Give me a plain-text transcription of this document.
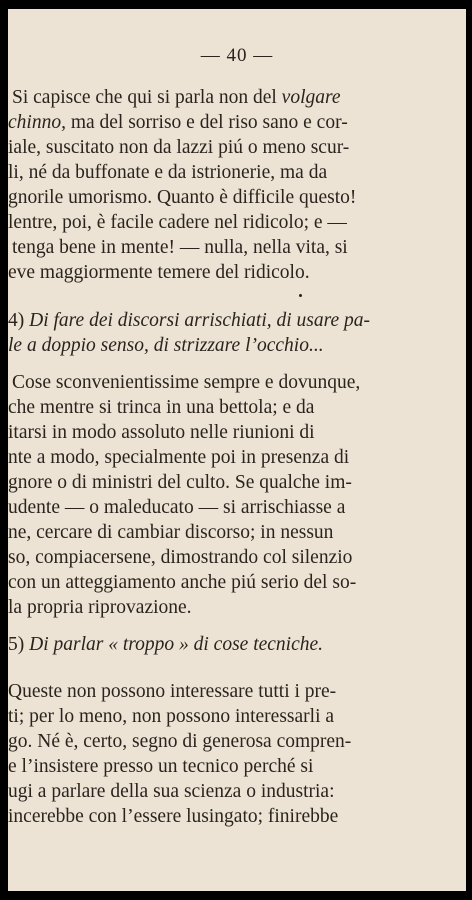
— 40 —
Si capisce che qui si parla non del volgare
chinno, ma del sorriso e del riso sano e cor-
iale, suscitato non da lazzi piú o meno scur-
li, né da buffonate e da istrionerie, ma da
gnorile umorismo. Quanto è difficile questo!
lentre, poi, è facile cadere nel ridicolo; e —
tenga bene in mente! — nulla, nella vita, si
eve maggiormente temere del ridicolo.
4) Di fare dei discorsi arrischiati, di usare pa-
le a doppio senso, di strizzare l’occhio...
Cose sconvenientissime sempre e dovunque,
che mentre si trinca in una bettola; e da
itarsi in modo assoluto nelle riunioni di
nte a modo, specialmente poi in presenza di
gnore o di ministri del culto. Se qualche im-
udente — o maleducato — si arrischiasse a
ne, cercare di cambiar discorso; in nessun
so, compiacersene, dimostrando col silenzio
con un atteggiamento anche piú serio del so-
la propria riprovazione.
5) Di parlar « troppo » di cose tecniche.
Queste non possono interessare tutti i pre-
ti; per lo meno, non possono interessarli a
go. Né è, certo, segno di generosa compren-
e l’insistere presso un tecnico perché si
ugi a parlare della sua scienza o industria:
incerebbe con l’essere lusingato; finirebbe
